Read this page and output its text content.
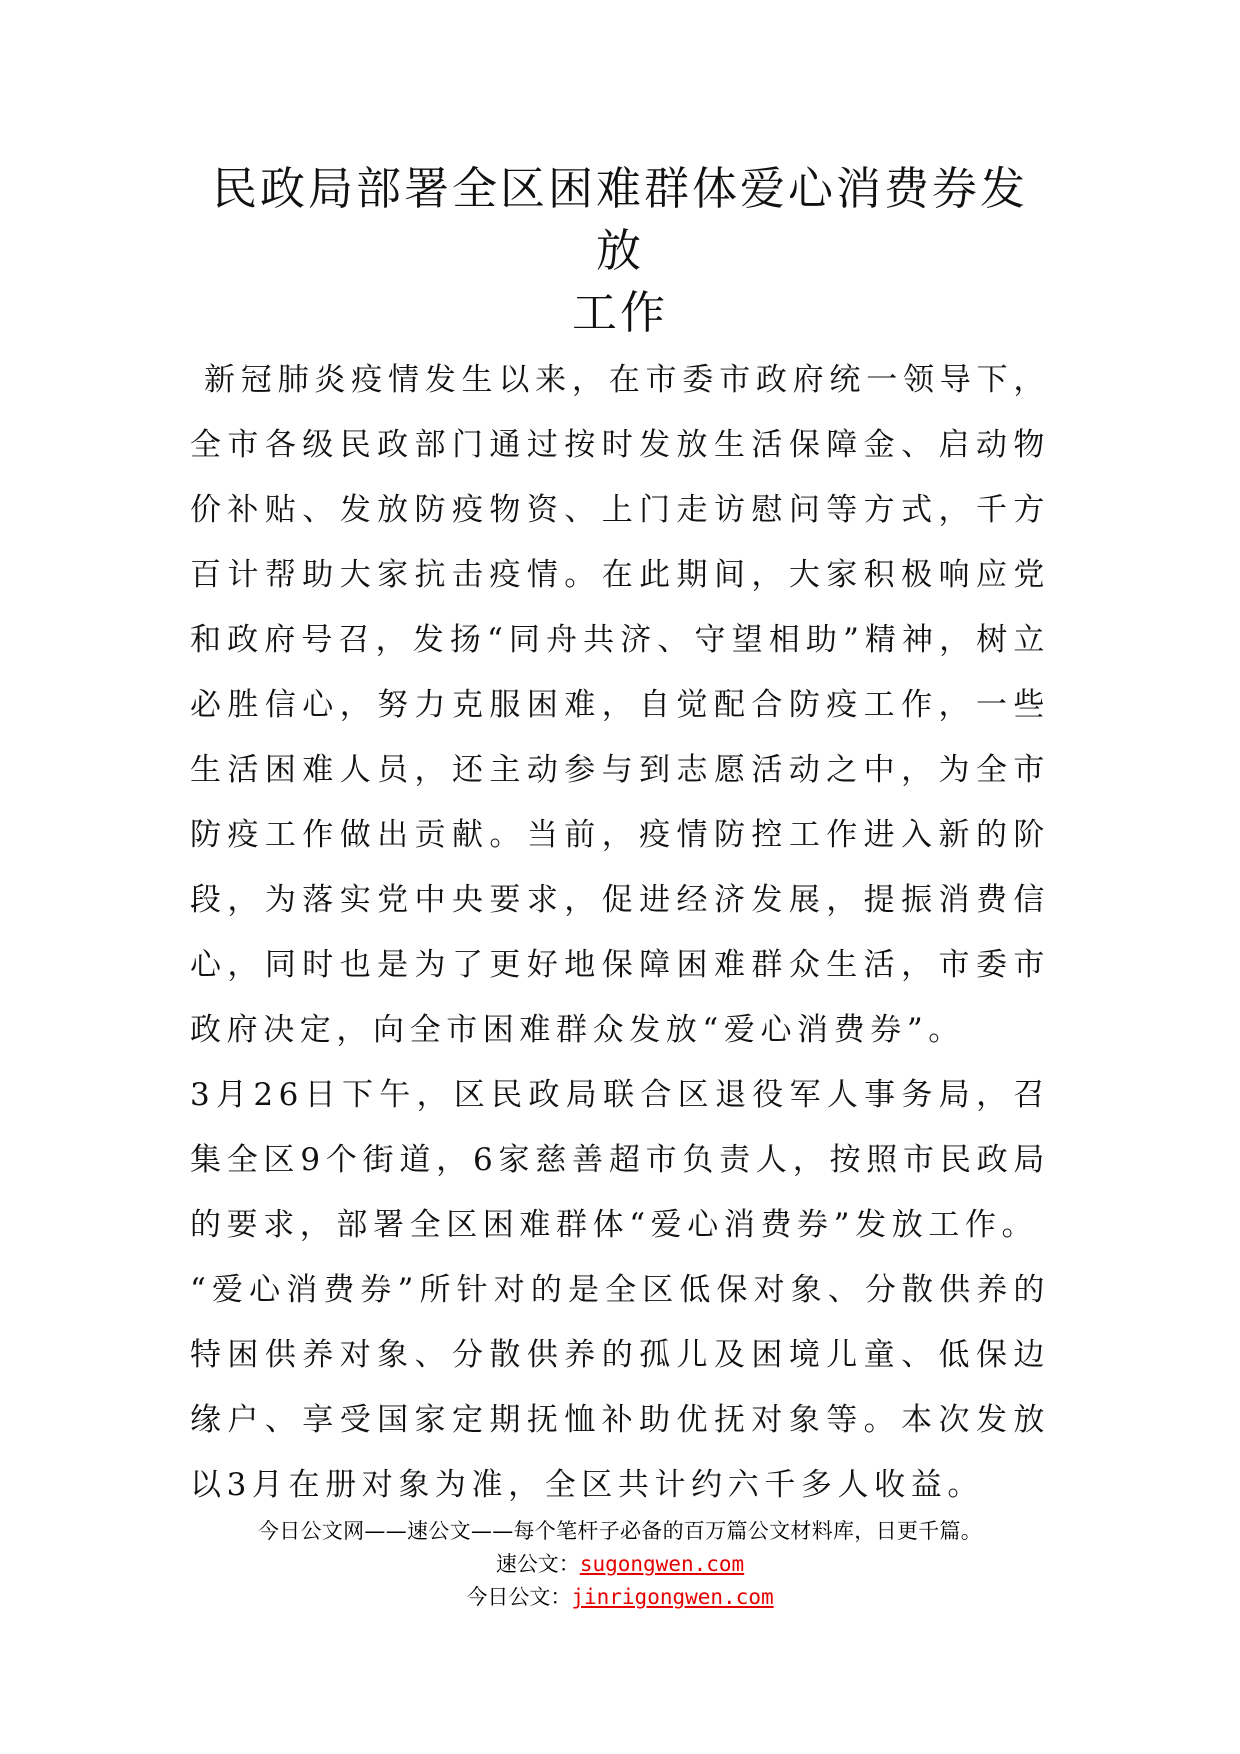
民政局部署全区困难群体爱心消费券发放
工作

新冠肺炎疫情发生以来，在市委市政府统一领导下，全市各级民政部门通过按时发放生活保障金、启动物价补贴、发放防疫物资、上门走访慰问等方式，千方百计帮助大家抗击疫情。在此期间，大家积极响应党和政府号召，发扬“同舟共济、守望相助”精神，树立必胜信心，努力克服困难，自觉配合防疫工作，一些生活困难人员，还主动参与到志愿活动之中，为全市防疫工作做出贡献。当前，疫情防控工作进入新的阶段，为落实党中央要求，促进经济发展，提振消费信心，同时也是为了更好地保障困难群众生活，市委市政府决定，向全市困难群众发放“爱心消费券”。

3月26日下午，区民政局联合区退役军人事务局，召集全区9个街道，6家慈善超市负责人，按照市民政局的要求，部署全区困难群体“爱心消费券”发放工作。

“爱心消费券”所针对的是全区低保对象、分散供养的特困供养对象、分散供养的孤儿及困境儿童、低保边缘户、享受国家定期抚恤补助优抚对象等。本次发放以3月在册对象为准，全区共计约六千多人收益。

今日公文网——速公文——每个笔杆子必备的百万篇公文材料库，日更千篇。
速公文：sugongwen.com
今日公文：jinrigongwen.com
